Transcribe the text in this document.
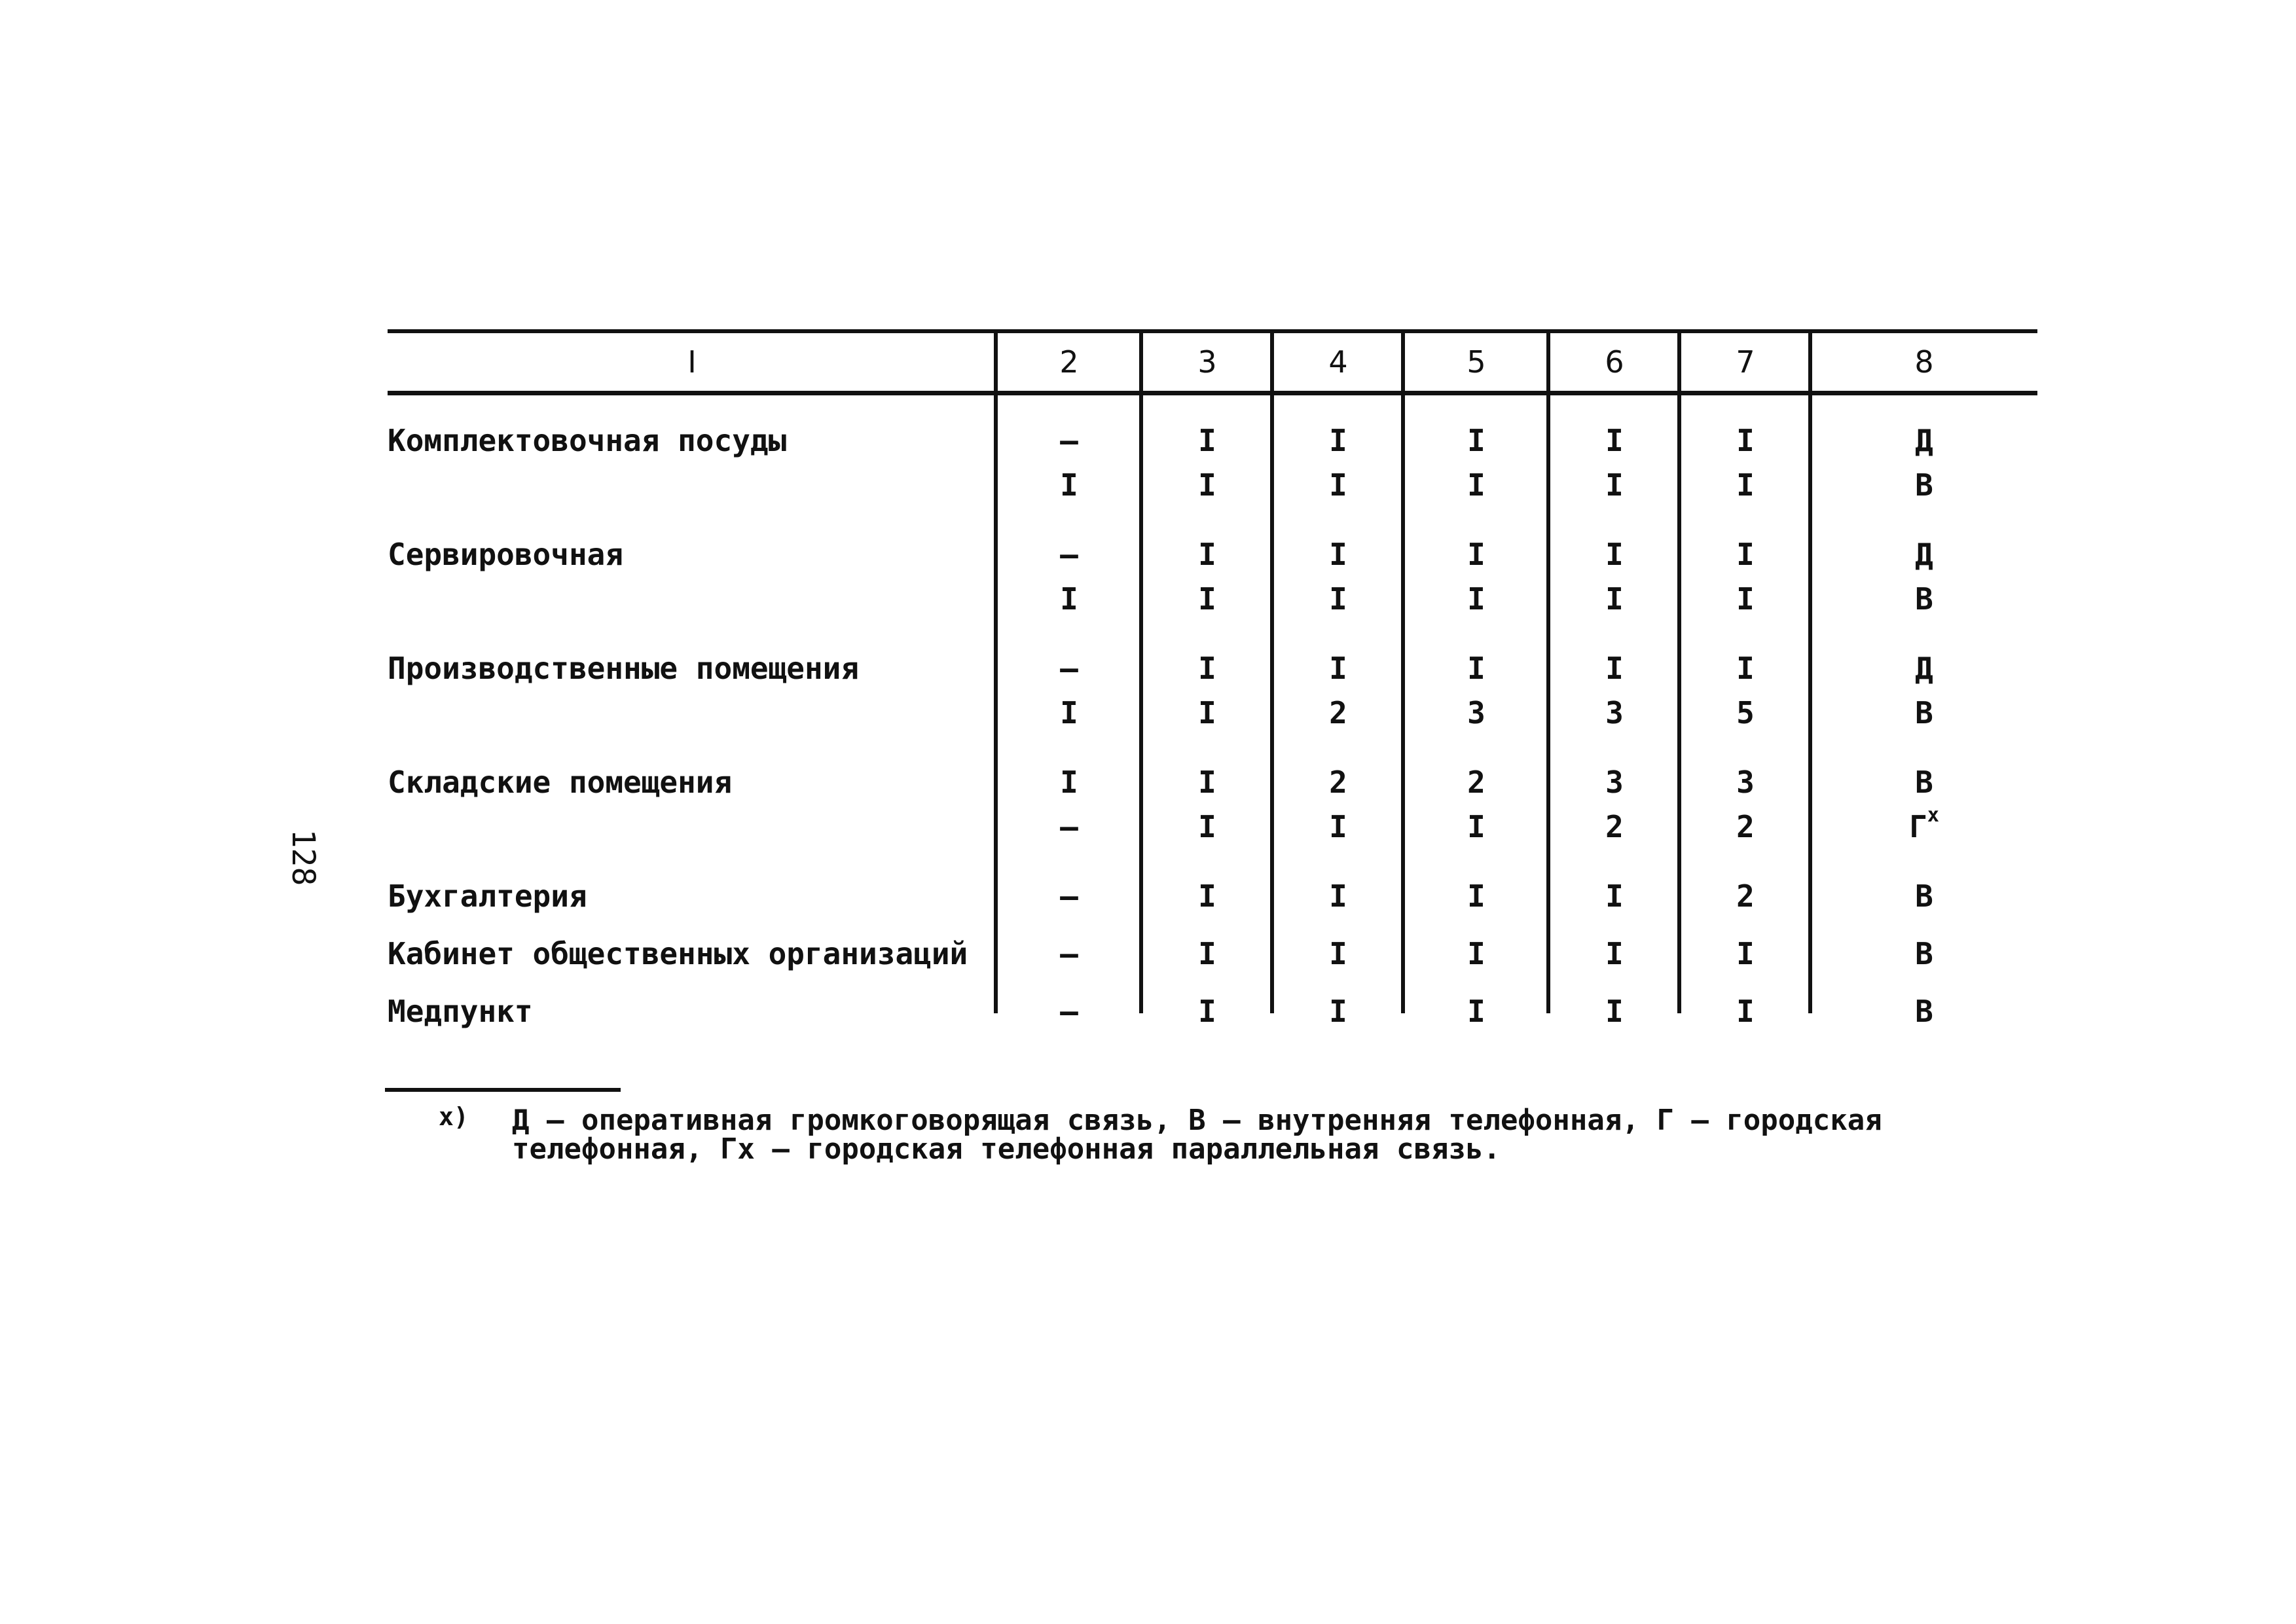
128
I	2	3	4	5	6	7	8
Комплектовочная посуды	–	I	I	I	I	I	Д
	I	I	I	I	I	I	В
Сервировочная	–	I	I	I	I	I	Д
	I	I	I	I	I	I	В
Производственные помещения	–	I	I	I	I	I	Д
	I	I	2	3	3	5	В
Складские помещения	I	I	2	2	3	3	В
	–	I	I	I	2	2	$Г^х$
Бухгалтерия	–	I	I	I	I	2	В
Кабинет общественных организаций	–	I	I	I	I	I	В
Медпункт	–	I	I	I	I	I	В
х) Д – оперативная громкоговорящая связь, В – внутренняя телефонная, Г – городская

телефонная, Гх – городская телефонная параллельная связь.
